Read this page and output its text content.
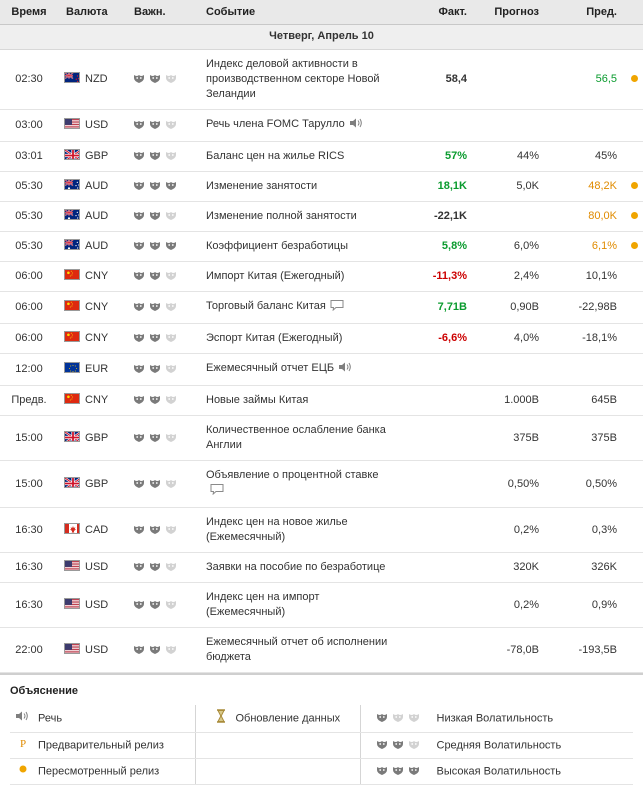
Время	Валюта	Важн.	Событие	Факт.	Прогноз	Пред.	
Четверг, Апрель 10							
02:30	NZD		Индекс деловой активности в производственном секторе Новой Зеландии	58,4		56,5	
03:00	USD		Речь члена FOMC Тарулло				
03:01	GBP		Баланс цен на жилье RICS	57%	44%	45%	
05:30	AUD		Изменение занятости	18,1K	5,0K	48,2K	
05:30	AUD		Изменение полной занятости	-22,1K		80,0K	
05:30	AUD		Коэффициент безработицы	5,8%	6,0%	6,1%	
06:00	CNY		Импорт Китая (Ежегодный)	-11,3%	2,4%	10,1%	
06:00	CNY		Торговый баланс Китая	7,71B	0,90B	-22,98B	
06:00	CNY		Эспорт Китая (Ежегодный)	-6,6%	4,0%	-18,1%	
12:00	EUR		Ежемесячный отчет ЕЦБ				
Предв.	CNY		Новые займы Китая		1.000B	645B	
15:00	GBP		Количественное ослабление банка Англии		375B	375B	
15:00	GBP		Объявление о процентной ставке		0,50%	0,50%	
16:30	CAD		Индекс цен на новое жилье (Ежемесячный)		0,2%	0,3%	
16:30	USD		Заявки на пособие по безработице		320K	326K	
16:30	USD		Индекс цен на импорт (Ежемесячный)		0,2%	0,9%	
22:00	USD		Ежемесячный отчет об исполнении бюджета		-78,0B	-193,5B	
Объяснение
Речь	Обновление данных	Низкая Волатильность

P Предварительный релиз		Средняя Волатильность
Пересмотренный релиз		Высокая Волатильность
